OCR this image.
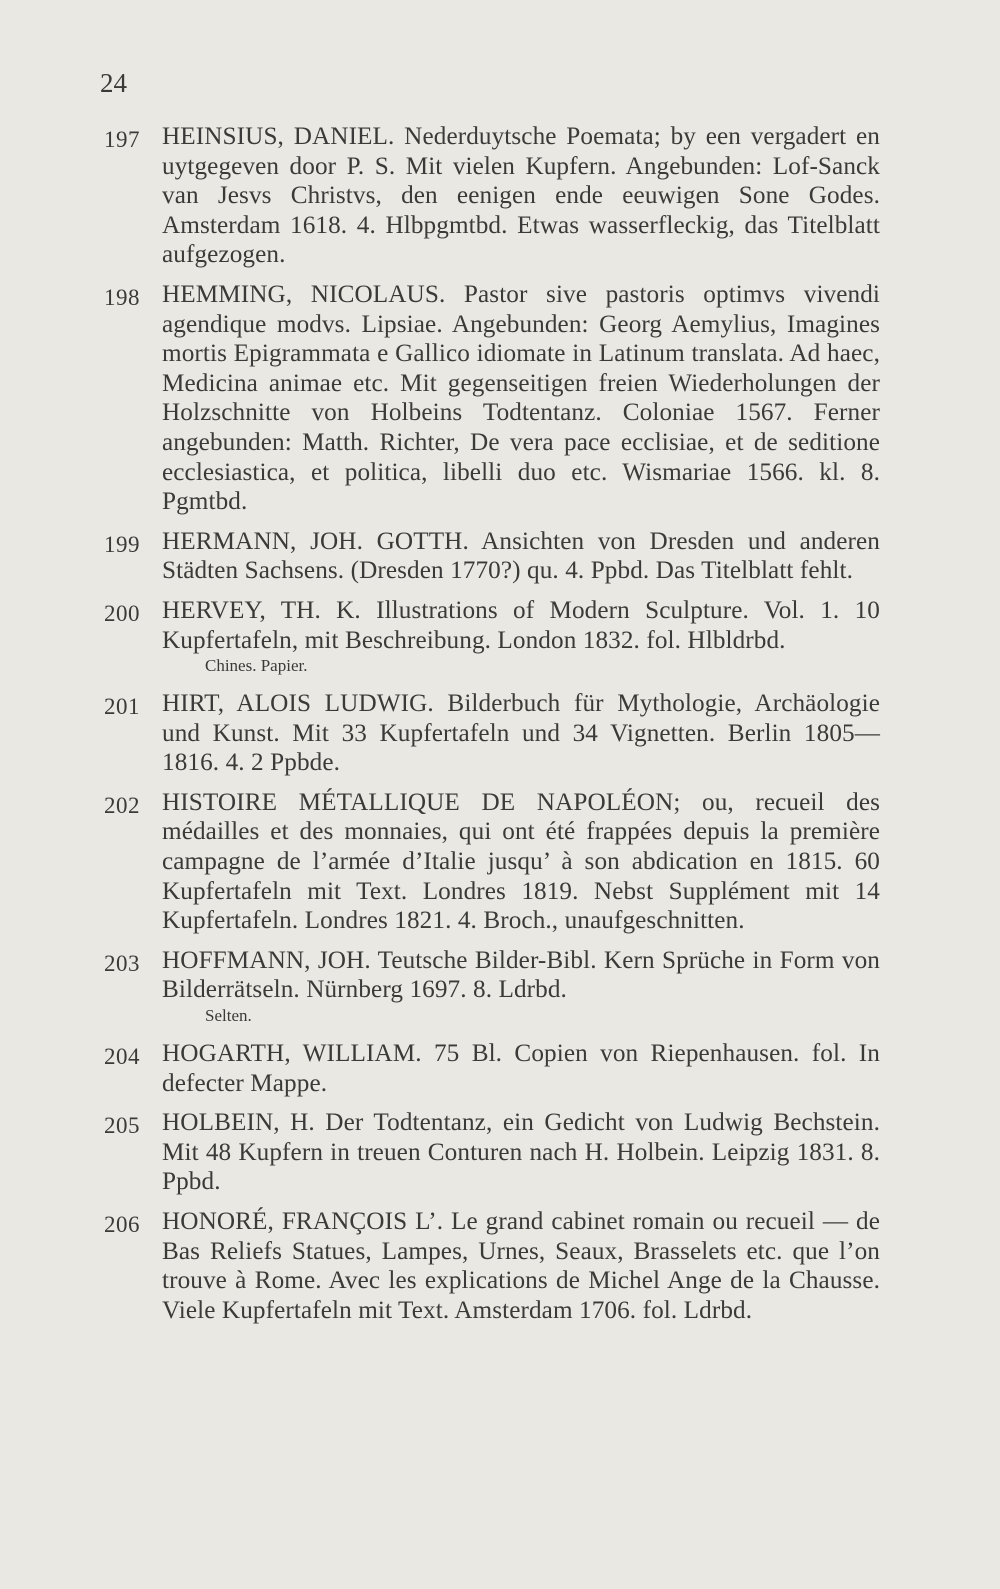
24
197 HEINSIUS, DANIEL. Nederduytsche Poemata; by een vergadert en uytgegeven door P. S. Mit vielen Kupfern. Angebunden: Lof-Sanck van Jesvs Christvs, den eenigen ende eeuwigen Sone Godes. Amsterdam 1618. 4. Hlbpgmtbd. Etwas wasserfleckig, das Titelblatt aufgezogen.
198 HEMMING, NICOLAUS. Pastor sive pastoris optimvs vivendi agendique modvs. Lipsiae. Angebunden: Georg Aemylius, Imagines mortis Epigrammata e Gallico idiomate in Latinum translata. Ad haec, Medicina animae etc. Mit gegenseitigen freien Wiederholungen der Holzschnitte von Holbeins Todtentanz. Coloniae 1567. Ferner angebunden: Matth. Richter, De vera pace ecclisiae, et de seditione ecclesiastica, et politica, libelli duo etc. Wismariae 1566. kl. 8. Pgmtbd.
199 HERMANN, JOH. GOTTH. Ansichten von Dresden und anderen Städten Sachsens. (Dresden 1770?) qu. 4. Ppbd. Das Titelblatt fehlt.
200 HERVEY, TH. K. Illustrations of Modern Sculpture. Vol. 1. 10 Kupfertafeln, mit Beschreibung. London 1832. fol. Hlbldrbd.
Chines. Papier.
201 HIRT, ALOIS LUDWIG. Bilderbuch für Mythologie, Archäologie und Kunst. Mit 33 Kupfertafeln und 34 Vignetten. Berlin 1805—1816. 4. 2 Ppbde.
202 HISTOIRE MÉTALLIQUE DE NAPOLÉON; ou, recueil des médailles et des monnaies, qui ont été frappées depuis la première campagne de l’armée d’Italie jusqu’ à son abdication en 1815. 60 Kupfertafeln mit Text. Londres 1819. Nebst Supplément mit 14 Kupfertafeln. Londres 1821. 4. Broch., unaufgeschnitten.
203 HOFFMANN, JOH. Teutsche Bilder-Bibl. Kern Sprüche in Form von Bilderrätseln. Nürnberg 1697. 8. Ldrbd.
Selten.
204 HOGARTH, WILLIAM. 75 Bl. Copien von Riepenhausen. fol. In defecter Mappe.
205 HOLBEIN, H. Der Todtentanz, ein Gedicht von Ludwig Bechstein. Mit 48 Kupfern in treuen Conturen nach H. Holbein. Leipzig 1831. 8. Ppbd.
206 HONORÉ, FRANÇOIS L’. Le grand cabinet romain ou recueil — de Bas Reliefs Statues, Lampes, Urnes, Seaux, Brasselets etc. que l’on trouve à Rome. Avec les explications de Michel Ange de la Chausse. Viele Kupfertafeln mit Text. Amsterdam 1706. fol. Ldrbd.
